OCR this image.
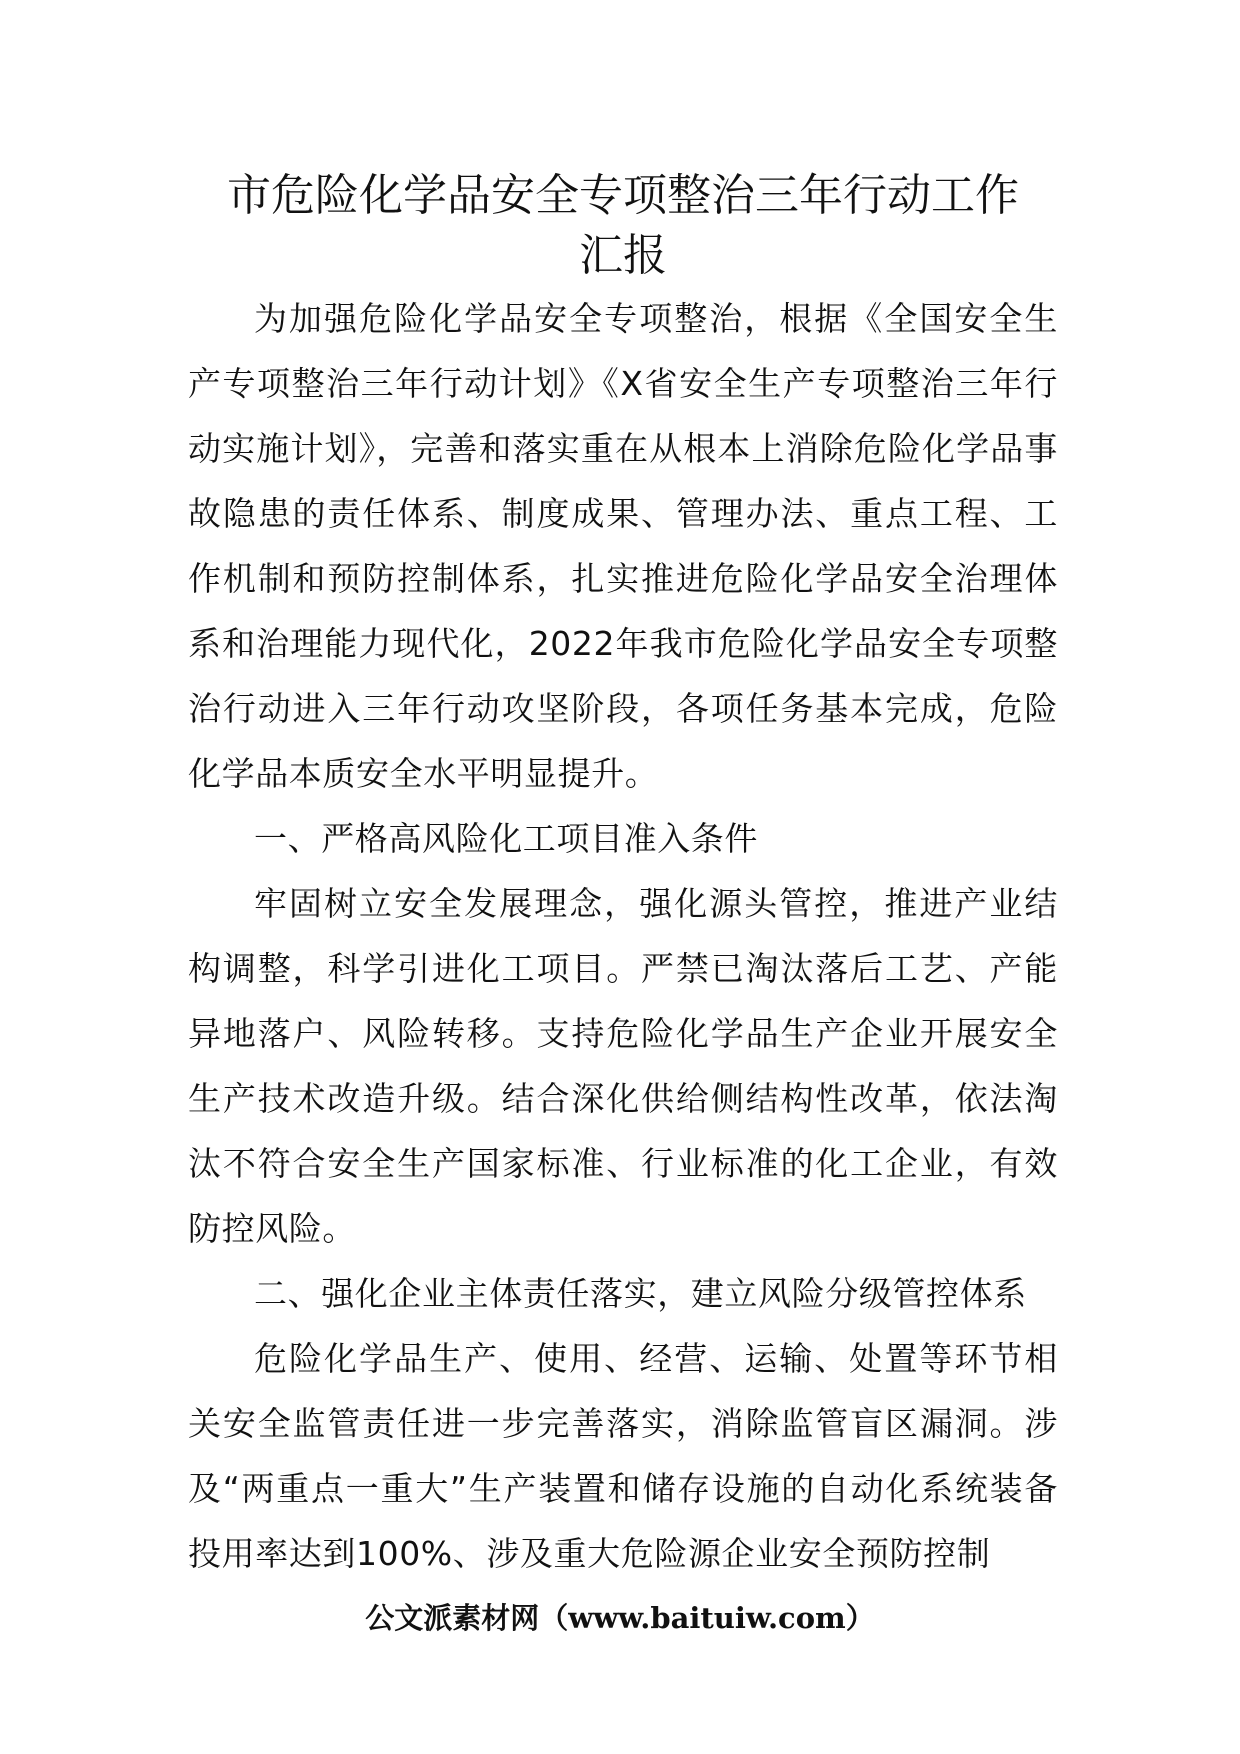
市危险化学品安全专项整治三年行动工作
汇报

为加强危险化学品安全专项整治，根据《全国安全生产专项整治三年行动计划》《X省安全生产专项整治三年行动实施计划》，完善和落实重在从根本上消除危险化学品事故隐患的责任体系、制度成果、管理办法、重点工程、工作机制和预防控制体系，扎实推进危险化学品安全治理体系和治理能力现代化，2022年我市危险化学品安全专项整治行动进入三年行动攻坚阶段，各项任务基本完成，危险化学品本质安全水平明显提升。

一、严格高风险化工项目准入条件

牢固树立安全发展理念，强化源头管控，推进产业结构调整，科学引进化工项目。严禁已淘汰落后工艺、产能异地落户、风险转移。支持危险化学品生产企业开展安全生产技术改造升级。结合深化供给侧结构性改革，依法淘汰不符合安全生产国家标准、行业标准的化工企业，有效防控风险。

二、强化企业主体责任落实，建立风险分级管控体系

危险化学品生产、使用、经营、运输、处置等环节相关安全监管责任进一步完善落实，消除监管盲区漏洞。涉及“两重点一重大”生产装置和储存设施的自动化系统装备投用率达到100%、涉及重大危险源企业安全预防控制

公文派素材网（www.baituiw.com）
